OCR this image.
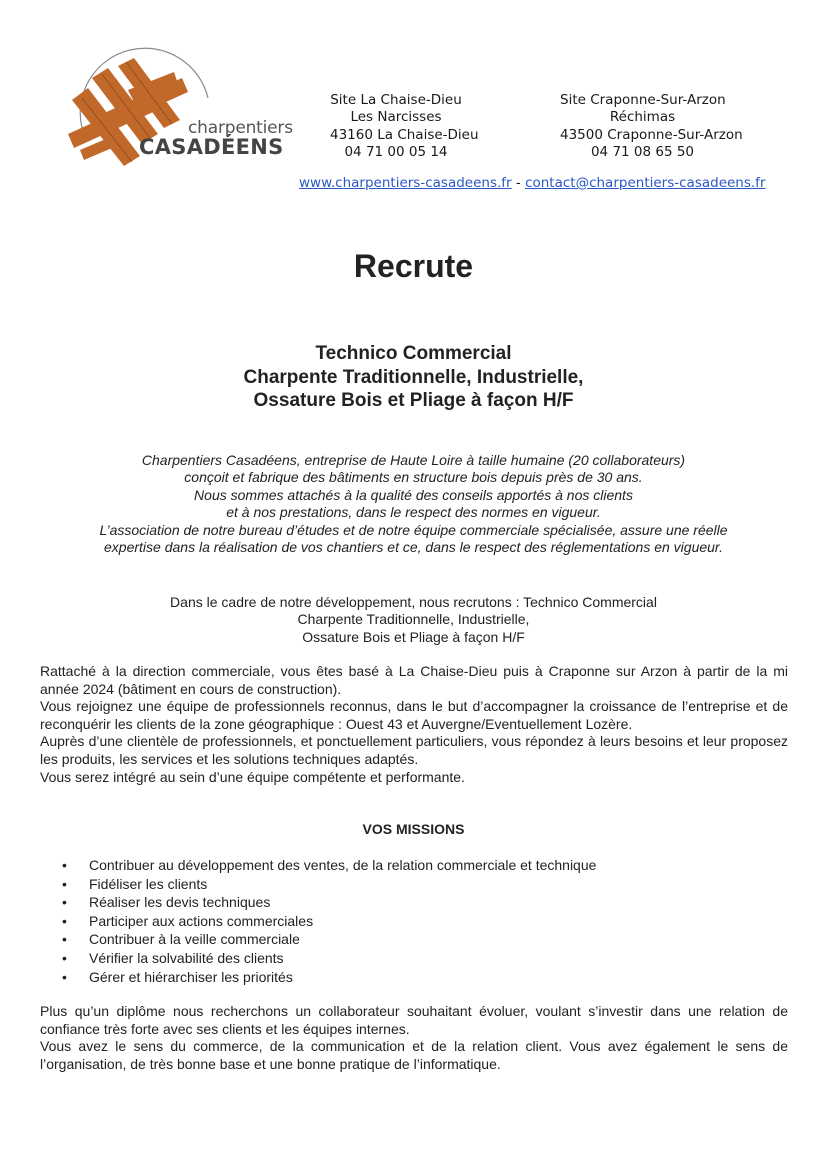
charpentiers
CASADÉENS
Site La Chaise-Dieu
Les Narcisses
43160 La Chaise-Dieu
04 71 00 05 14
Site Craponne-Sur-Arzon
Réchimas
43500 Craponne-Sur-Arzon
04 71 08 65 50
www.charpentiers-casadeens.fr - contact@charpentiers-casadeens.fr
Recrute
Technico Commercial
Charpente Traditionnelle, Industrielle,
Ossature Bois et Pliage à façon H/F
Charpentiers Casadéens, entreprise de Haute Loire à taille humaine (20 collaborateurs)
conçoit et fabrique des bâtiments en structure bois depuis près de 30 ans.
Nous sommes attachés à la qualité des conseils apportés à nos clients
et à nos prestations, dans le respect des normes en vigueur.
L’association de notre bureau d’études et de notre équipe commerciale spécialisée, assure une réelle
expertise dans la réalisation de vos chantiers et ce, dans le respect des réglementations en vigueur.
Dans le cadre de notre développement, nous recrutons : Technico Commercial
Charpente Traditionnelle, Industrielle,
Ossature Bois et Pliage à façon H/F

Rattaché à la direction commerciale, vous êtes basé à La Chaise-Dieu puis à Craponne sur Arzon à partir de la mi année 2024 (bâtiment en cours de construction).

Vous rejoignez une équipe de professionnels reconnus, dans le but d’accompagner la croissance de l’entreprise et de reconquérir les clients de la zone géographique : Ouest 43 et Auvergne/Eventuellement Lozère.

Auprès d’une clientèle de professionnels, et ponctuellement particuliers, vous répondez à leurs besoins et leur proposez les produits, les services et les solutions techniques adaptés.

Vous serez intégré au sein d’une équipe compétente et performante.

VOS MISSIONS
• Contribuer au développement des ventes, de la relation commerciale et technique
• Fidéliser les clients
• Réaliser les devis techniques
• Participer aux actions commerciales
• Contribuer à la veille commerciale
• Vérifier la solvabilité des clients
• Gérer et hiérarchiser les priorités

Plus qu’un diplôme nous recherchons un collaborateur souhaitant évoluer, voulant s’investir dans une relation de confiance très forte avec ses clients et les équipes internes.

Vous avez le sens du commerce, de la communication et de la relation client. Vous avez également le sens de l’organisation, de très bonne base et une bonne pratique de l’informatique.
